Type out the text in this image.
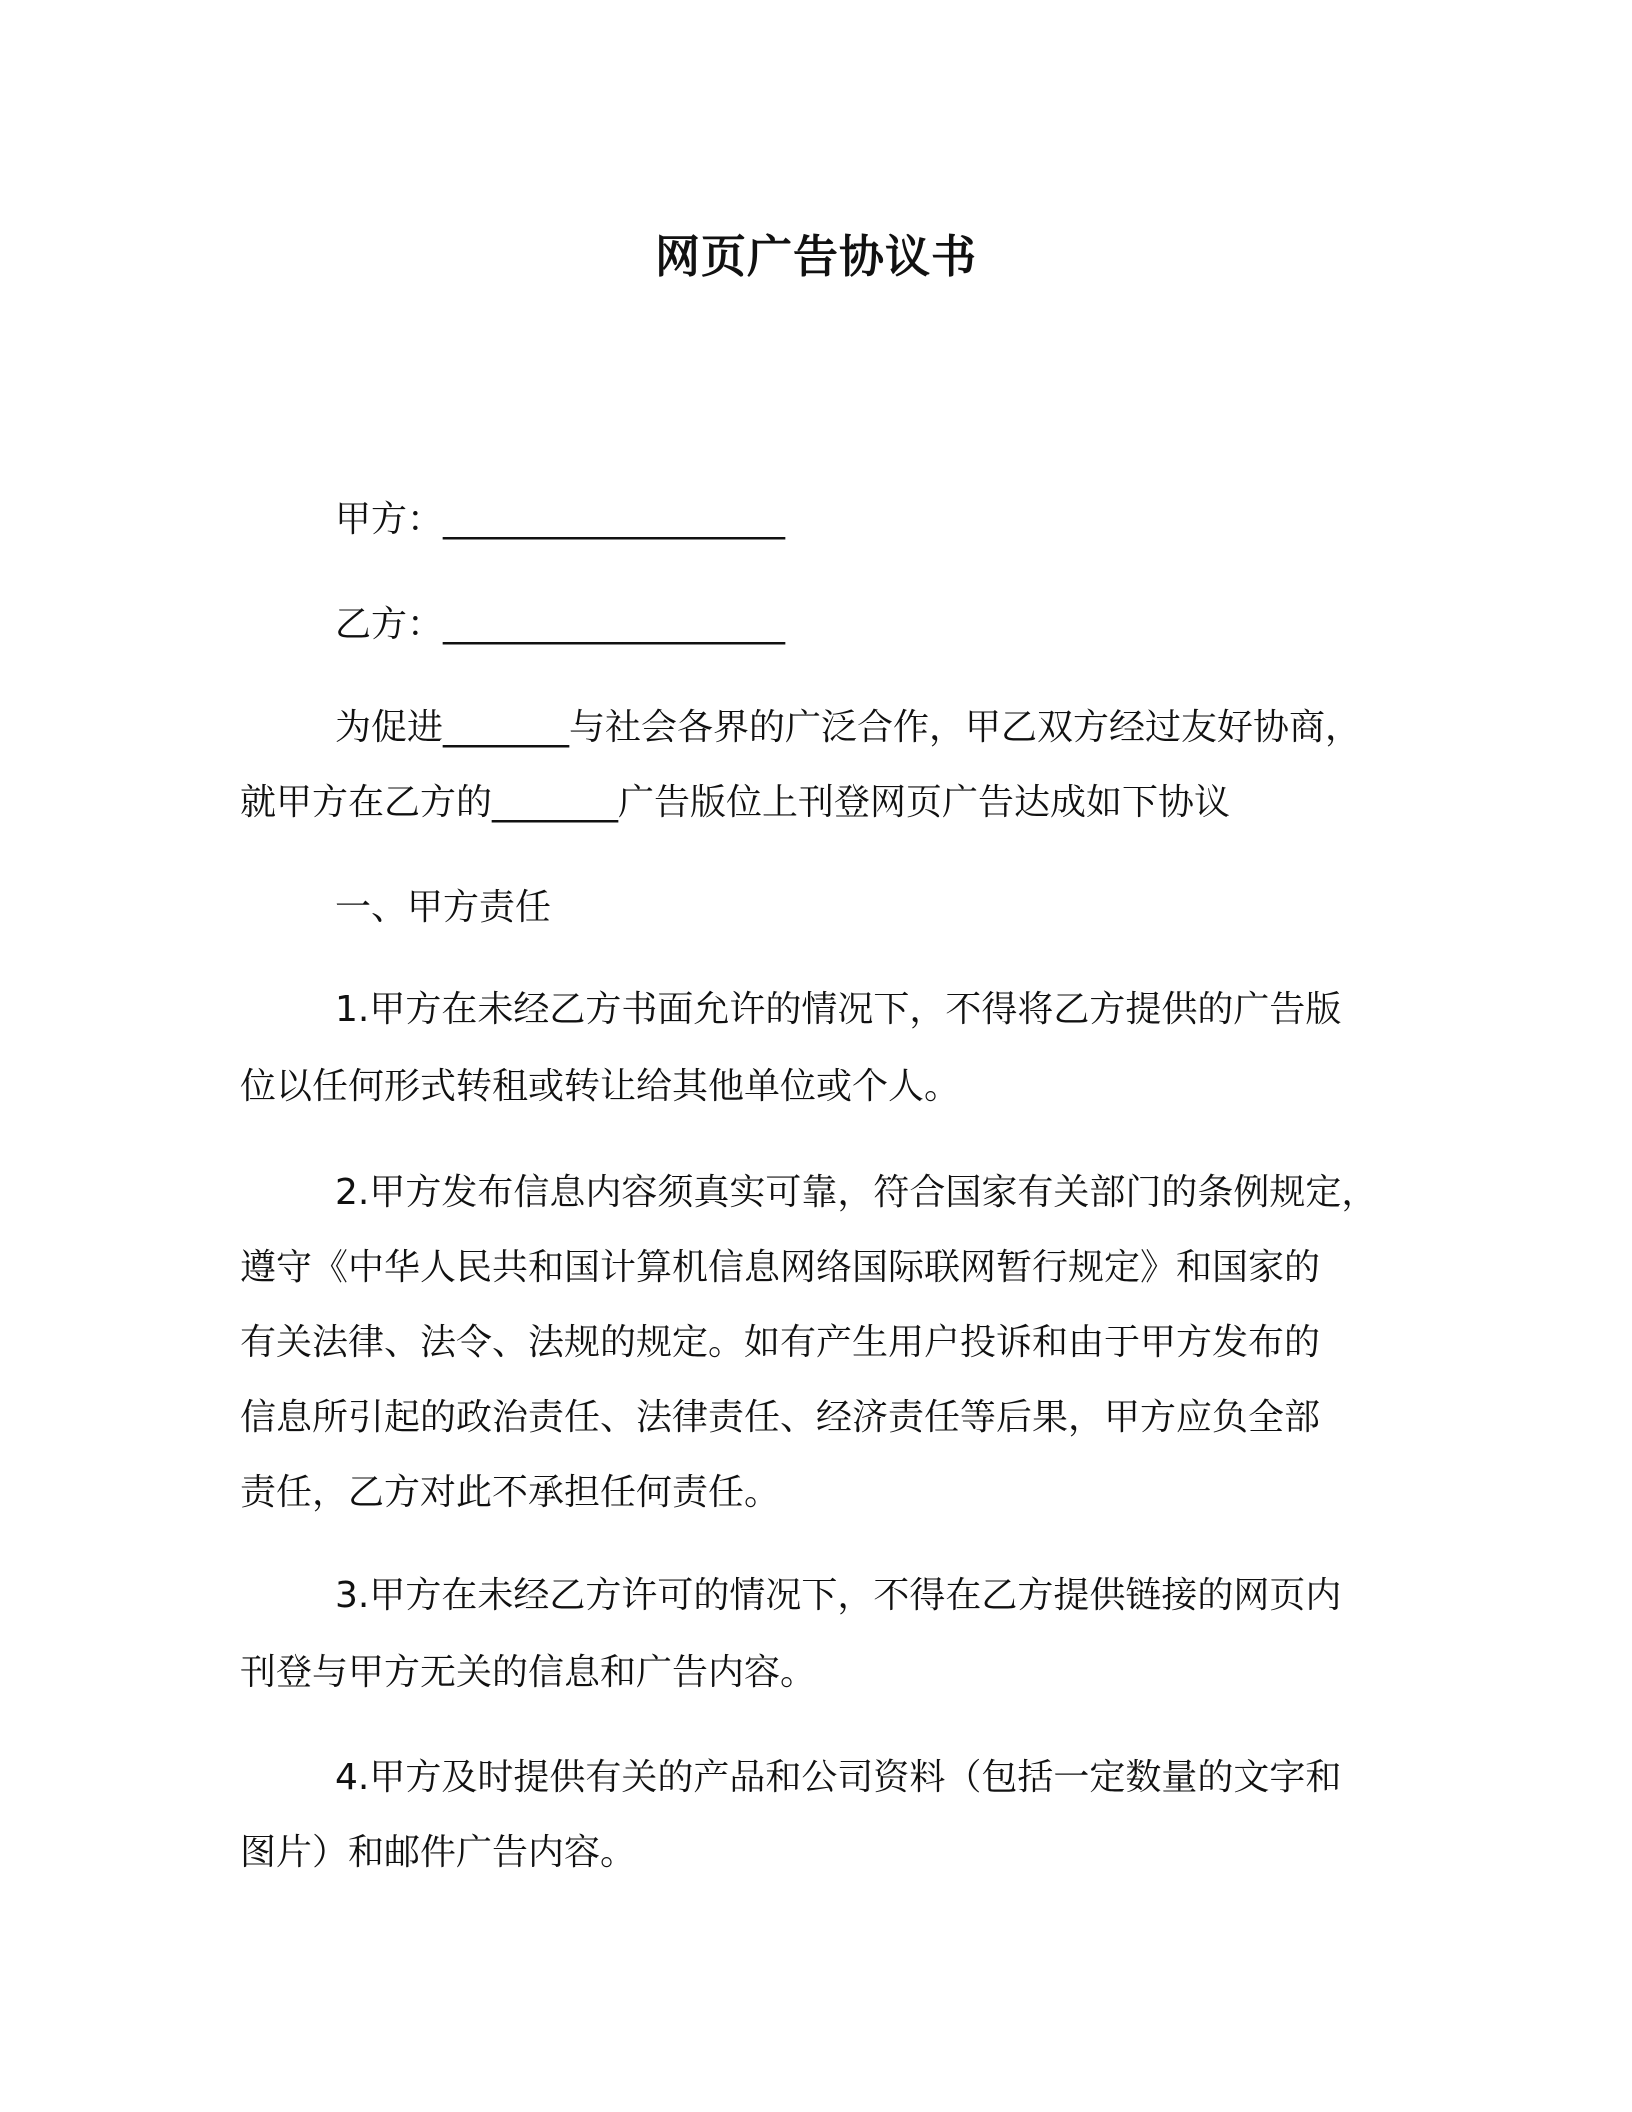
网页广告协议书
甲方：___________________
乙方：___________________
为促进_______与社会各界的广泛合作，甲乙双方经过友好协商，
就甲方在乙方的_______广告版位上刊登网页广告达成如下协议
一、甲方责任
1.甲方在未经乙方书面允许的情况下，不得将乙方提供的广告版
位以任何形式转租或转让给其他单位或个人。
2.甲方发布信息内容须真实可靠，符合国家有关部门的条例规定，
遵守《中华人民共和国计算机信息网络国际联网暂行规定》和国家的
有关法律、法令、法规的规定。如有产生用户投诉和由于甲方发布的
信息所引起的政治责任、法律责任、经济责任等后果，甲方应负全部
责任，乙方对此不承担任何责任。
3.甲方在未经乙方许可的情况下，不得在乙方提供链接的网页内
刊登与甲方无关的信息和广告内容。
4.甲方及时提供有关的产品和公司资料（包括一定数量的文字和
图片）和邮件广告内容。
